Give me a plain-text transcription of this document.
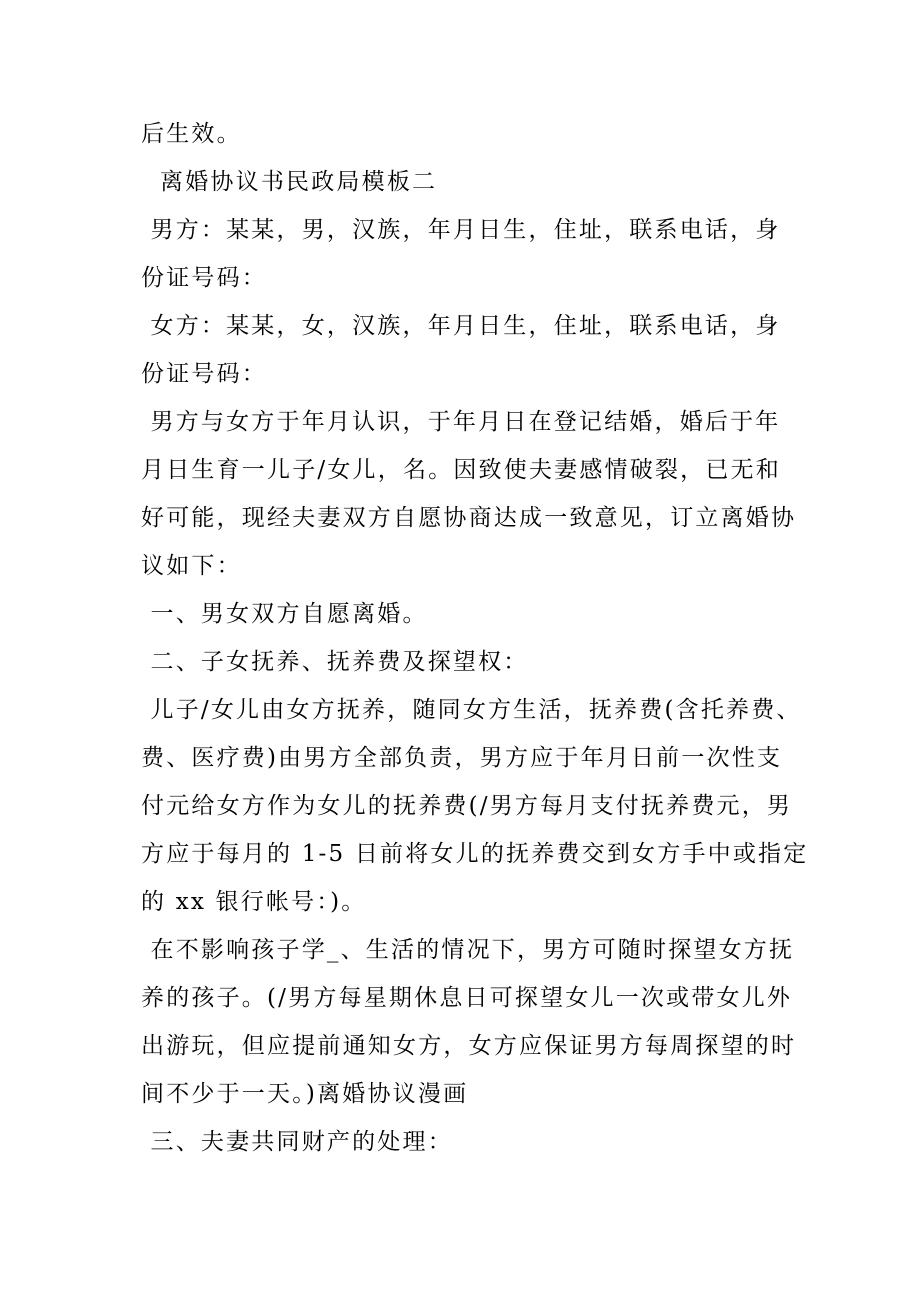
后生效。
离婚协议书民政局模板二
男方：某某，男，汉族，年月日生，住址，联系电话，身
份证号码：
女方：某某，女，汉族，年月日生，住址，联系电话，身
份证号码：
男方与女方于年月认识，于年月日在登记结婚，婚后于年
月日生育一儿子/女儿，名。因致使夫妻感情破裂，已无和
好可能，现经夫妻双方自愿协商达成一致意见，订立离婚协
议如下：
一、男女双方自愿离婚。
二、子女抚养、抚养费及探望权：
儿子/女儿由女方抚养，随同女方生活，抚养费(含托养费、
费、医疗费)由男方全部负责，男方应于年月日前一次性支
付元给女方作为女儿的抚养费(/男方每月支付抚养费元，男
方应于每月的 1-5 日前将女儿的抚养费交到女方手中或指定
的 xx 银行帐号：)。
在不影响孩子学_、生活的情况下，男方可随时探望女方抚
养的孩子。(/男方每星期休息日可探望女儿一次或带女儿外
出游玩，但应提前通知女方，女方应保证男方每周探望的时
间不少于一天。)离婚协议漫画
三、夫妻共同财产的处理：
